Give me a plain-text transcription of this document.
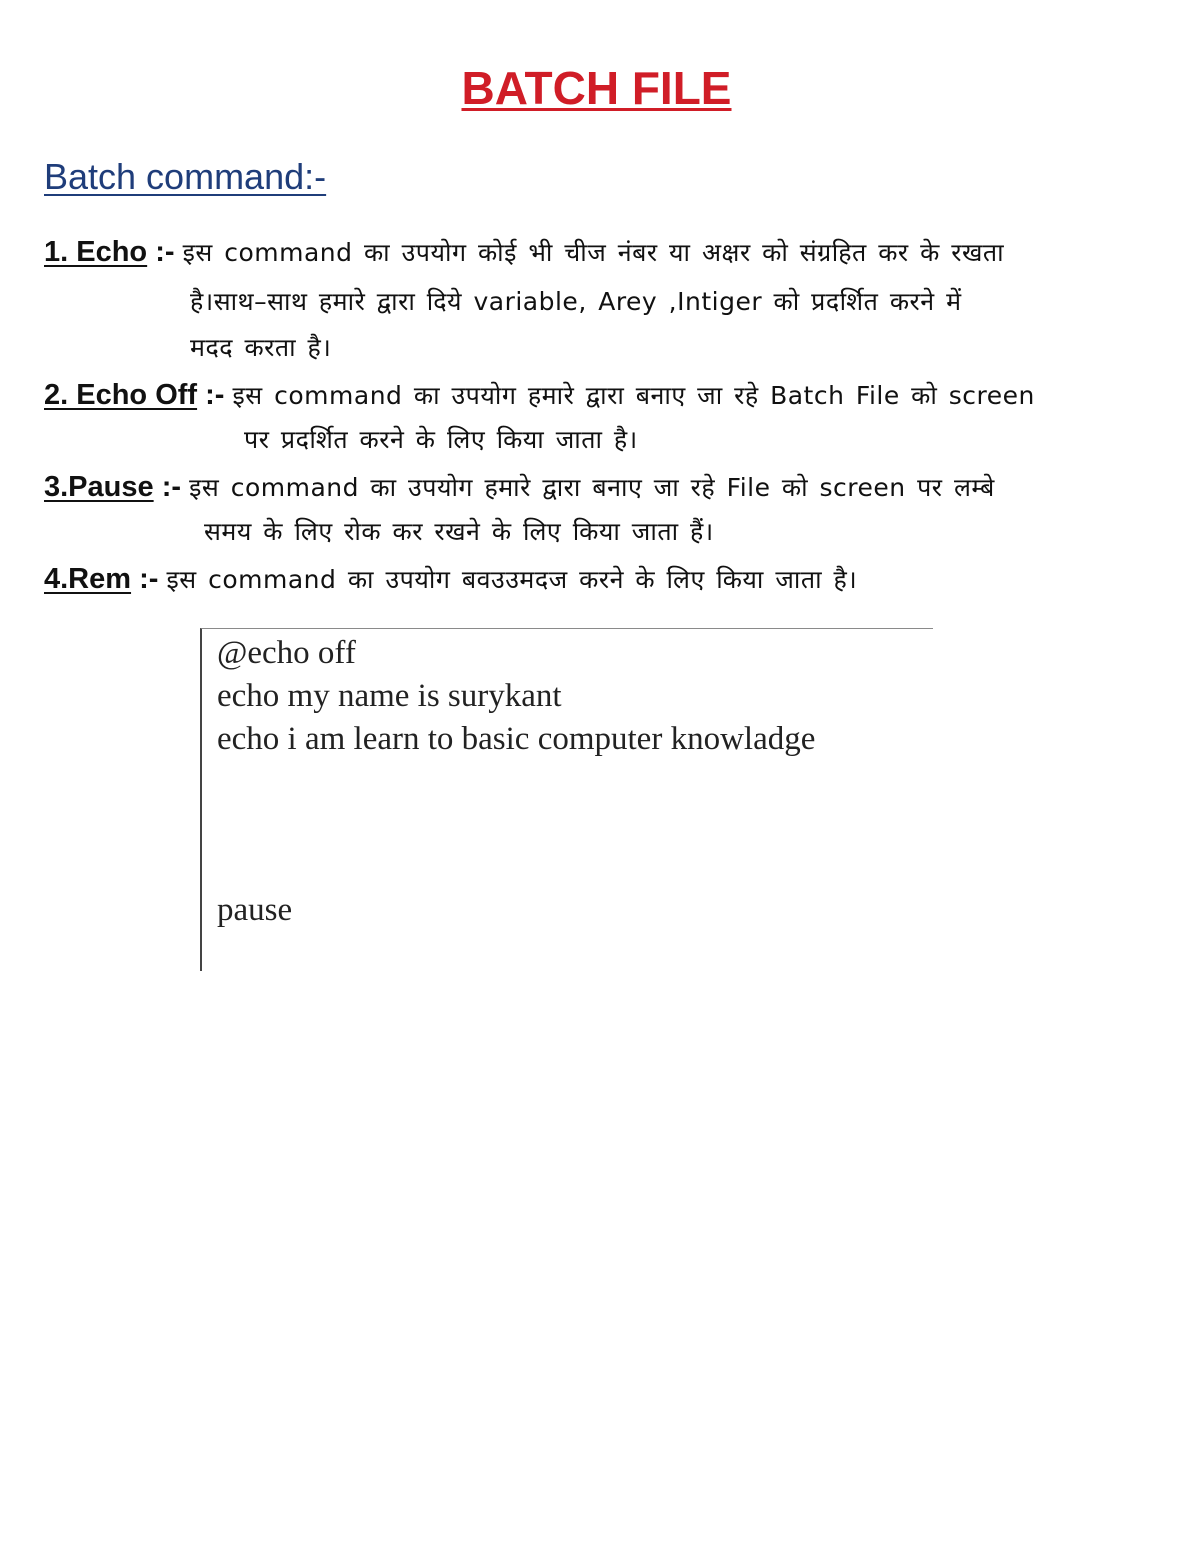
BATCH FILE
Batch command:-
1. Echo :- इस command का उपयोग कोई भी चीज नंबर या अक्षर को संग्रहित कर के रखता
है।साथ–साथ हमारे द्वारा दिये variable, Arey ,Intiger को प्रदर्शित करने में
मदद करता है।
2. Echo Off :- इस command का उपयोग हमारे द्वारा बनाए जा रहे Batch File को screen
पर प्रदर्शित करने के लिए किया जाता है।
3.Pause :- इस command का उपयोग हमारे द्वारा बनाए जा रहे File को screen पर लम्बे
समय के लिए रोक कर रखने के लिए किया जाता हैं।
4.Rem :- इस command का उपयोग बवउउमदज करने के लिए किया जाता है।
@echo off
echo my name is surykant
echo i am learn to basic computer knowladge
pause
